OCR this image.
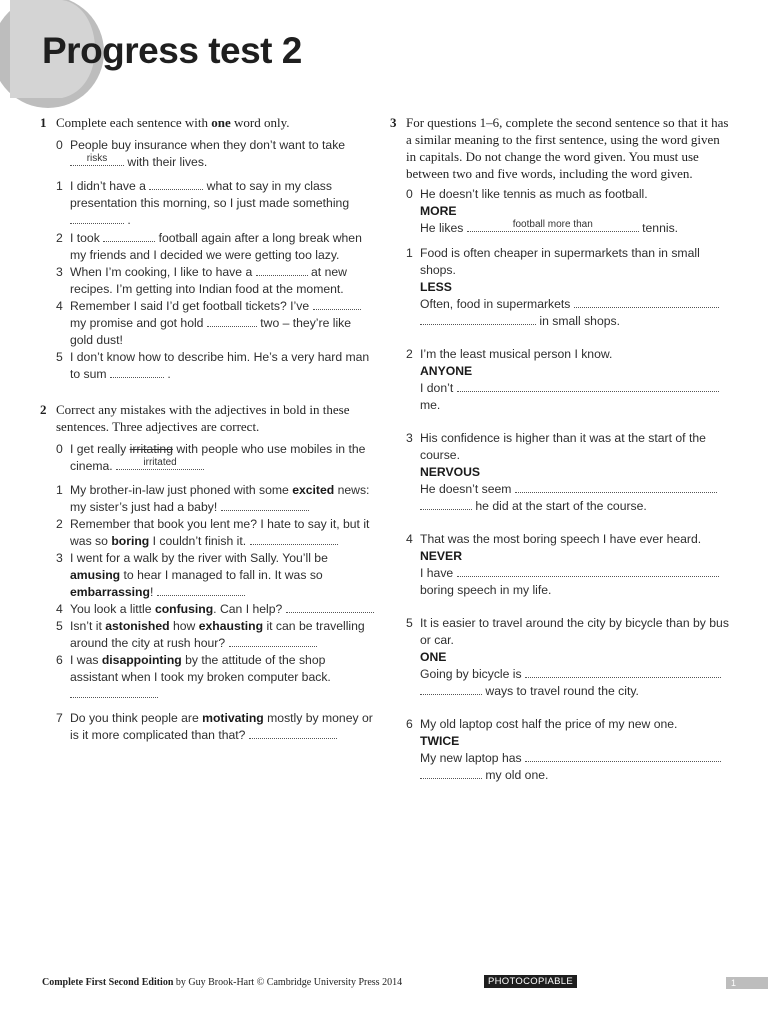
Progress test 2
1 Complete each sentence with one word only.
0 People buy insurance when they don’t want to take

risks	with their lives.
1 I didn’t have a	what to say in my class presentation this morning, so I just made something
.
2 I took	football again after a long break when my friends and I decided we were getting too lazy.
3 When I’m cooking, I like to have a	at new recipes. I’m getting into Indian food at the moment.
4 Remember I said I’d get football tickets? I’ve  my promise and got hold	two – they’re like gold dust!
5 I don’t know how to describe him. He’s a very hard man to sum	.
2 Correct any mistakes with the adjectives in bold in these sentences. Three adjectives are correct.
0 I get really irritating with people who use mobiles in the cinema.	irritated
1 My brother-in-law just phoned with some excited news: my sister’s just had a baby!
2 Remember that book you lent me? I hate to say it, but it was so boring I couldn’t finish it.
3 I went for a walk by the river with Sally. You’ll be amusing to hear I managed to fall in. It was so embarrassing!
4 You look a little confusing. Can I help?
5 Isn’t it astonished how exhausting it can be travelling around the city at rush hour?
6 I was disappointing by the attitude of the shop assistant when I took my broken computer back.

7 Do you think people are motivating mostly by money or is it more complicated than that?
3 For questions 1–6, complete the second sentence so that it has a similar meaning to the first sentence, using the word given in capitals. Do not change the word given. You must use between two and five words, including the word given.
0 He doesn’t like tennis as much as football.
MORE
He likes	football more than	tennis.
1 Food is often cheaper in supermarkets than in small shops.
LESS
Often, food in supermarkets
in small shops.
2 I’m the least musical person I know.
ANYONE
I don’t
me.
3 His confidence is higher than it was at the start of the course.
NERVOUS
He doesn’t seem
he did at the start of the course.
4 That was the most boring speech I have ever heard.
NEVER
I have
boring speech in my life.
5 It is easier to travel around the city by bicycle than by bus or car.
ONE
Going by bicycle is
ways to travel round the city.
6 My old laptop cost half the price of my new one.
TWICE
My new laptop has
my old one.
Complete First Second Edition by Guy Brook-Hart © Cambridge University Press 2014	PHOTOCOPIABLE	1
